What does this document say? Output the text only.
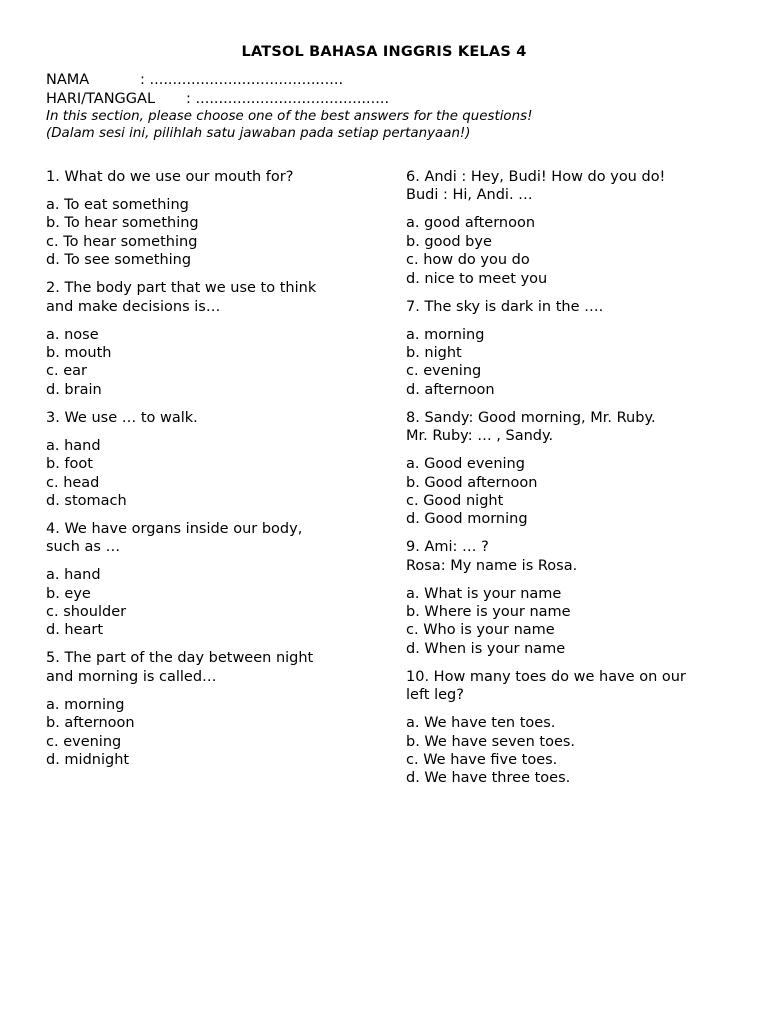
LATSOL BAHASA INGGRIS KELAS 4
NAMA	: ..........................................
HARI/TANGGAL : ..........................................
In this section, please choose one of the best answers for the questions!
(Dalam sesi ini, pilihlah satu jawaban pada setiap pertanyaan!)
1. What do we use our mouth for?
a. To eat something
b. To hear something
c. To hear something
d. To see something
2. The body part that we use to think
and make decisions is…
a. nose
b. mouth
c. ear
d. brain
3. We use … to walk.
a. hand
b. foot
c. head
d. stomach
4. We have organs inside our body,
such as …
a. hand
b. eye
c. shoulder
d. heart
5. The part of the day between night
and morning is called…
a. morning
b. afternoon
c. evening
d. midnight
6. Andi : Hey, Budi! How do you do!
Budi : Hi, Andi. …
a. good afternoon
b. good bye
c. how do you do
d. nice to meet you
7. The sky is dark in the ….
a. morning
b. night
c. evening
d. afternoon
8. Sandy: Good morning, Mr. Ruby.
Mr. Ruby: … , Sandy.
a. Good evening
b. Good afternoon
c. Good night
d. Good morning
9. Ami: … ?
Rosa: My name is Rosa.
a. What is your name
b. Where is your name
c. Who is your name
d. When is your name
10. How many toes do we have on our
left leg?
a. We have ten toes.
b. We have seven toes.
c. We have five toes.
d. We have three toes.
